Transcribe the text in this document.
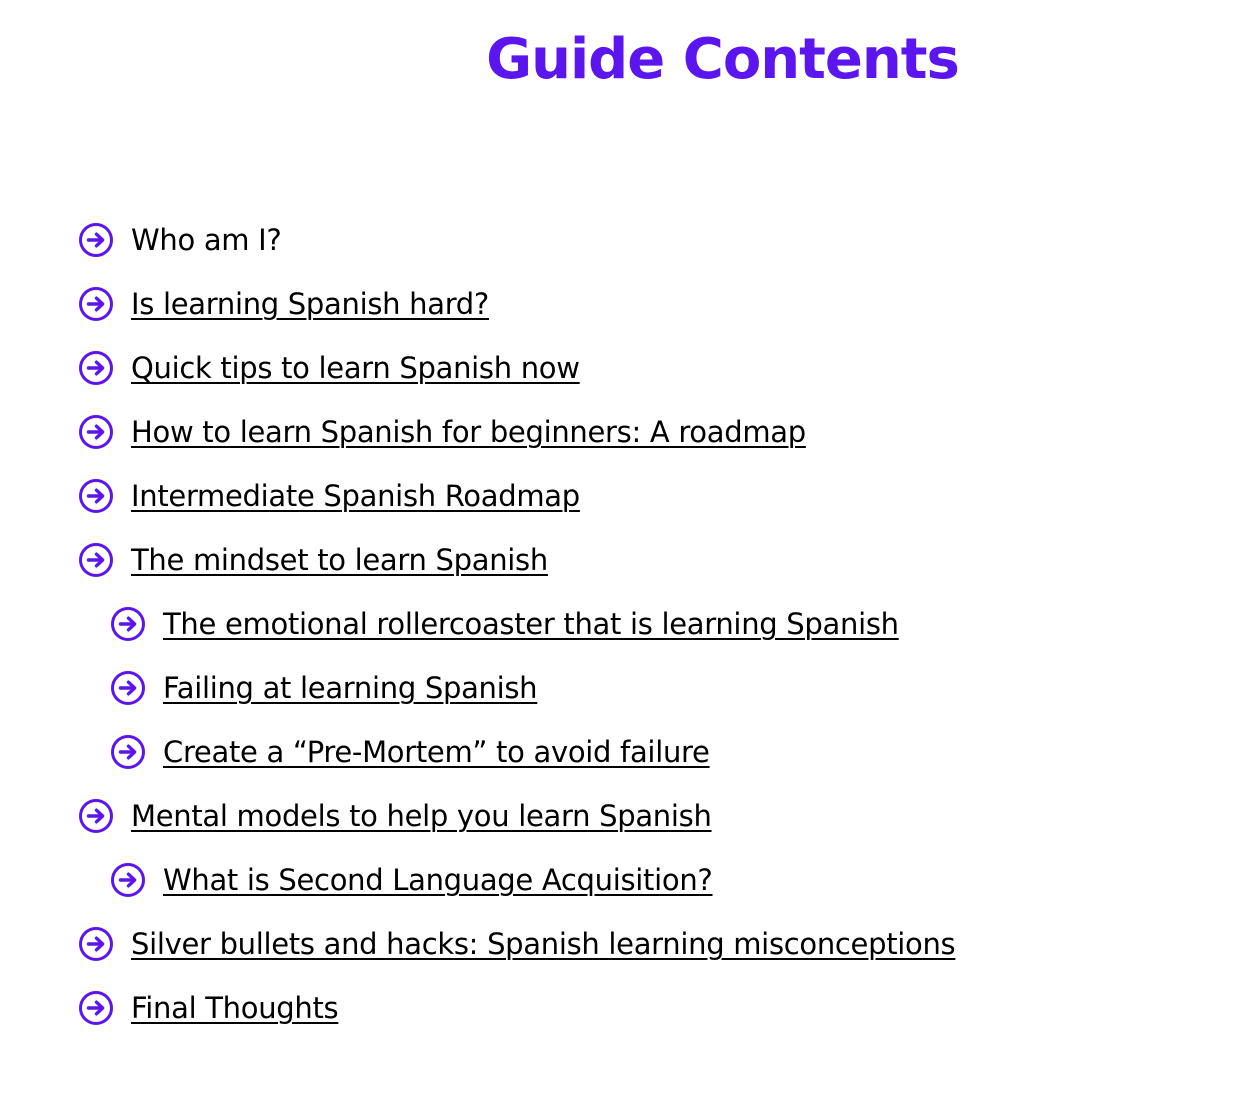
Guide Contents
Who am I?
Is learning Spanish hard?
Quick tips to learn Spanish now
How to learn Spanish for beginners: A roadmap
Intermediate Spanish Roadmap
The mindset to learn Spanish
The emotional rollercoaster that is learning Spanish
Failing at learning Spanish
Create a “Pre-Mortem” to avoid failure
Mental models to help you learn Spanish
What is Second Language Acquisition?
Silver bullets and hacks: Spanish learning misconceptions
Final Thoughts
